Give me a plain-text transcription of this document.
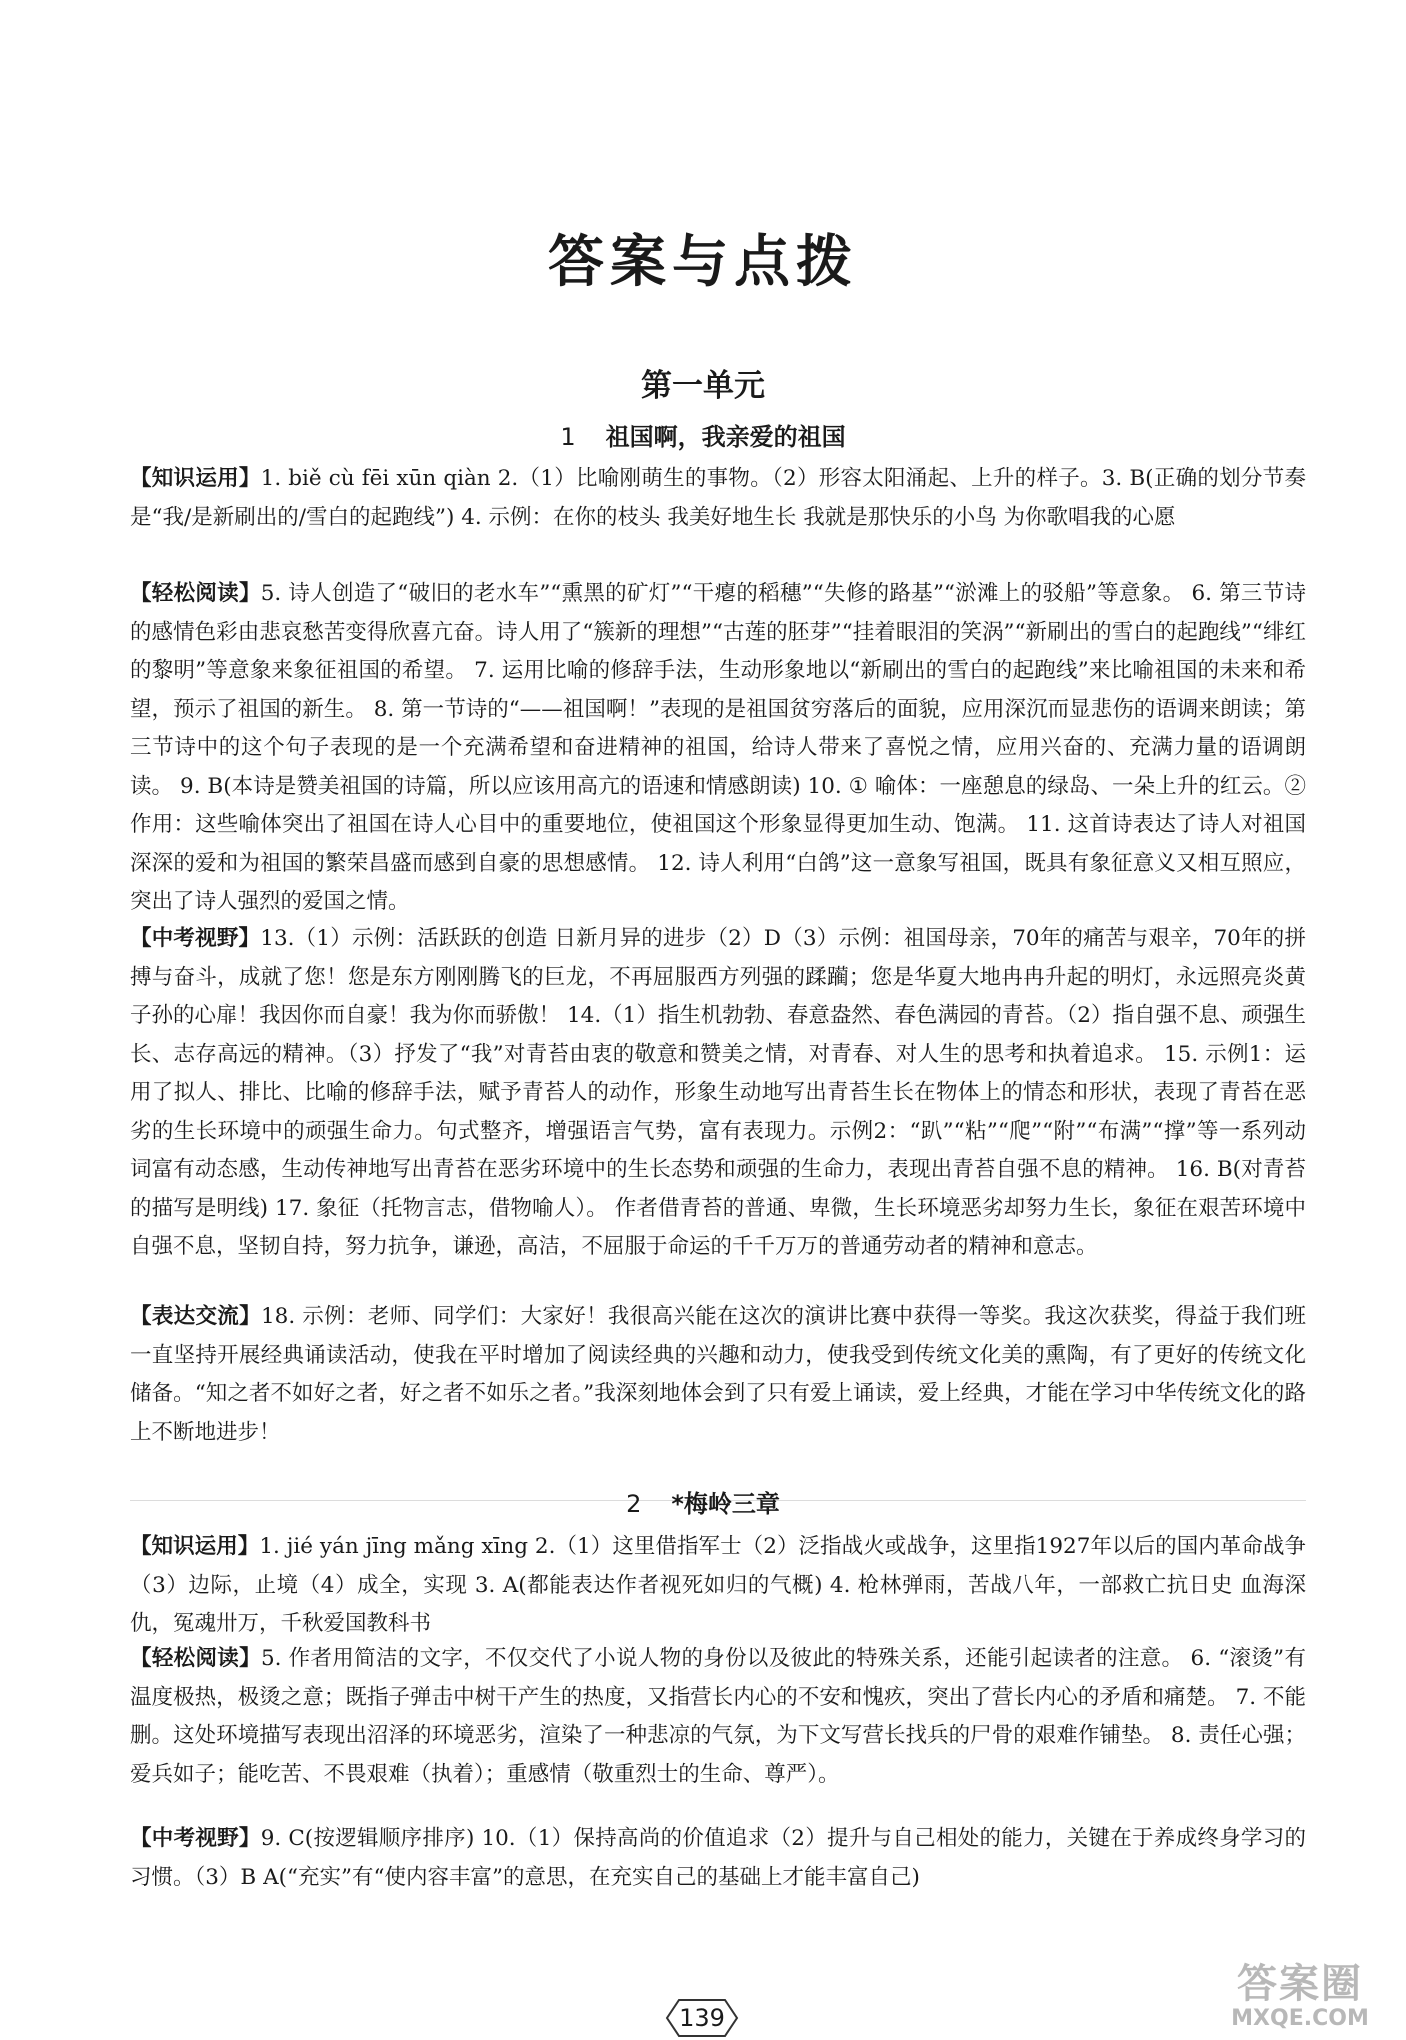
答案与点拨
第一单元
1 祖国啊，我亲爱的祖国
【知识运用】1. biě cù fēi xūn qiàn 2.（1）比喻刚萌生的事物。（2）形容太阳涌起、上升的样子。3. B(正确的划分节奏是“我/是新刷出的/雪白的起跑线”) 4. 示例：在你的枝头 我美好地生长 我就是那快乐的小鸟 为你歌唱我的心愿
【轻松阅读】5. 诗人创造了“破旧的老水车”“熏黑的矿灯”“干瘪的稻穗”“失修的路基”“淤滩上的驳船”等意象。 6. 第三节诗的感情色彩由悲哀愁苦变得欣喜亢奋。诗人用了“簇新的理想”“古莲的胚芽”“挂着眼泪的笑涡”“新刷出的雪白的起跑线”“绯红的黎明”等意象来象征祖国的希望。 7. 运用比喻的修辞手法，生动形象地以“新刷出的雪白的起跑线”来比喻祖国的未来和希望，预示了祖国的新生。 8. 第一节诗的“——祖国啊！”表现的是祖国贫穷落后的面貌，应用深沉而显悲伤的语调来朗读；第三节诗中的这个句子表现的是一个充满希望和奋进精神的祖国，给诗人带来了喜悦之情，应用兴奋的、充满力量的语调朗读。 9. B(本诗是赞美祖国的诗篇，所以应该用高亢的语速和情感朗读) 10. ① 喻体：一座憩息的绿岛、一朵上升的红云。② 作用：这些喻体突出了祖国在诗人心目中的重要地位，使祖国这个形象显得更加生动、饱满。 11. 这首诗表达了诗人对祖国深深的爱和为祖国的繁荣昌盛而感到自豪的思想感情。 12. 诗人利用“白鸽”这一意象写祖国，既具有象征意义又相互照应，突出了诗人强烈的爱国之情。
【中考视野】13.（1）示例：活跃跃的创造 日新月异的进步（2）D（3）示例：祖国母亲，70年的痛苦与艰辛，70年的拼搏与奋斗，成就了您！您是东方刚刚腾飞的巨龙，不再屈服西方列强的蹂躏；您是华夏大地冉冉升起的明灯，永远照亮炎黄子孙的心扉！我因你而自豪！我为你而骄傲！ 14.（1）指生机勃勃、春意盎然、春色满园的青苔。（2）指自强不息、顽强生长、志存高远的精神。（3）抒发了“我”对青苔由衷的敬意和赞美之情，对青春、对人生的思考和执着追求。 15. 示例1：运用了拟人、排比、比喻的修辞手法，赋予青苔人的动作，形象生动地写出青苔生长在物体上的情态和形状，表现了青苔在恶劣的生长环境中的顽强生命力。句式整齐，增强语言气势，富有表现力。示例2：“趴”“粘”“爬”“附”“布满”“撑”等一系列动词富有动态感，生动传神地写出青苔在恶劣环境中的生长态势和顽强的生命力，表现出青苔自强不息的精神。 16. B(对青苔的描写是明线) 17. 象征（托物言志，借物喻人）。 作者借青苔的普通、卑微，生长环境恶劣却努力生长，象征在艰苦环境中自强不息，坚韧自持，努力抗争，谦逊，高洁，不屈服于命运的千千万万的普通劳动者的精神和意志。
【表达交流】18. 示例：老师、同学们：大家好！我很高兴能在这次的演讲比赛中获得一等奖。我这次获奖，得益于我们班一直坚持开展经典诵读活动，使我在平时增加了阅读经典的兴趣和动力，使我受到传统文化美的熏陶，有了更好的传统文化储备。“知之者不如好之者，好之者不如乐之者。”我深刻地体会到了只有爱上诵读，爱上经典，才能在学习中华传统文化的路上不断地进步！
2 *梅岭三章
【知识运用】1. jié yán jīng mǎng xīng 2.（1）这里借指军士（2）泛指战火或战争，这里指1927年以后的国内革命战争（3）边际，止境（4）成全，实现 3. A(都能表达作者视死如归的气概) 4. 枪林弹雨，苦战八年，一部救亡抗日史 血海深仇，冤魂卅万，千秋爱国教科书
【轻松阅读】5. 作者用简洁的文字，不仅交代了小说人物的身份以及彼此的特殊关系，还能引起读者的注意。 6. “滚烫”有温度极热，极烫之意；既指子弹击中树干产生的热度，又指营长内心的不安和愧疚，突出了营长内心的矛盾和痛楚。 7. 不能删。这处环境描写表现出沼泽的环境恶劣，渲染了一种悲凉的气氛，为下文写营长找兵的尸骨的艰难作铺垫。 8. 责任心强；爱兵如子；能吃苦、不畏艰难（执着）；重感情（敬重烈士的生命、尊严）。
【中考视野】9. C(按逻辑顺序排序) 10.（1）保持高尚的价值追求（2）提升与自己相处的能力，关键在于养成终身学习的习惯。（3）B A(“充实”有“使内容丰富”的意思，在充实自己的基础上才能丰富自己)
139
答案圈
MXQE.COM
